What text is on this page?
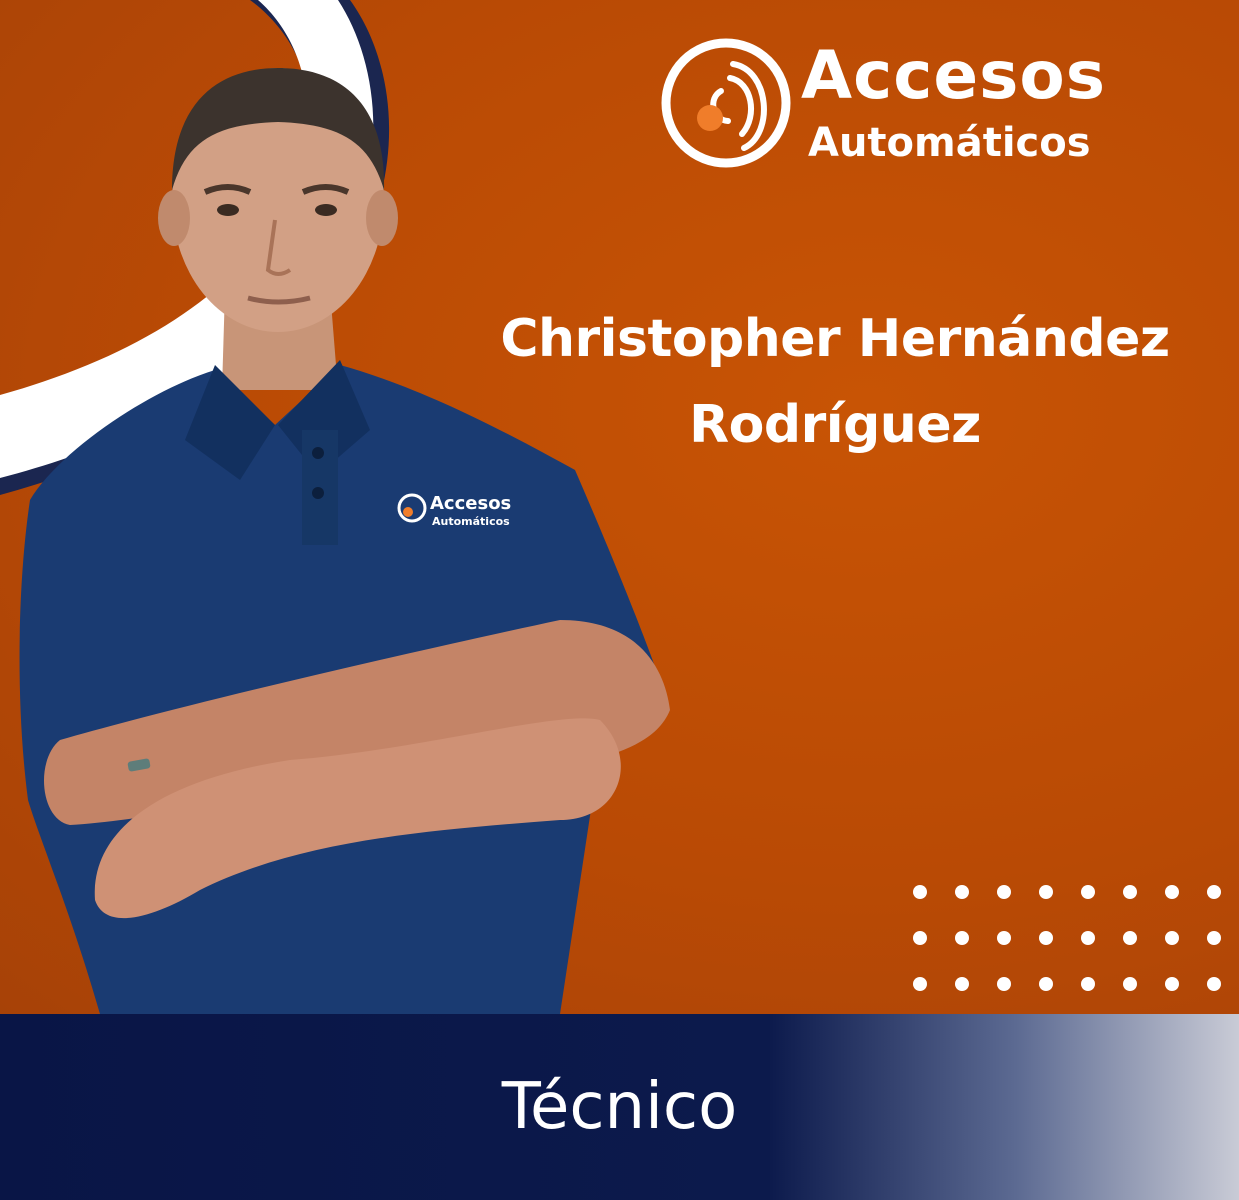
Accesos
Automáticos
Christopher Hernández
Rodríguez
Accesos
Automáticos
Técnico
